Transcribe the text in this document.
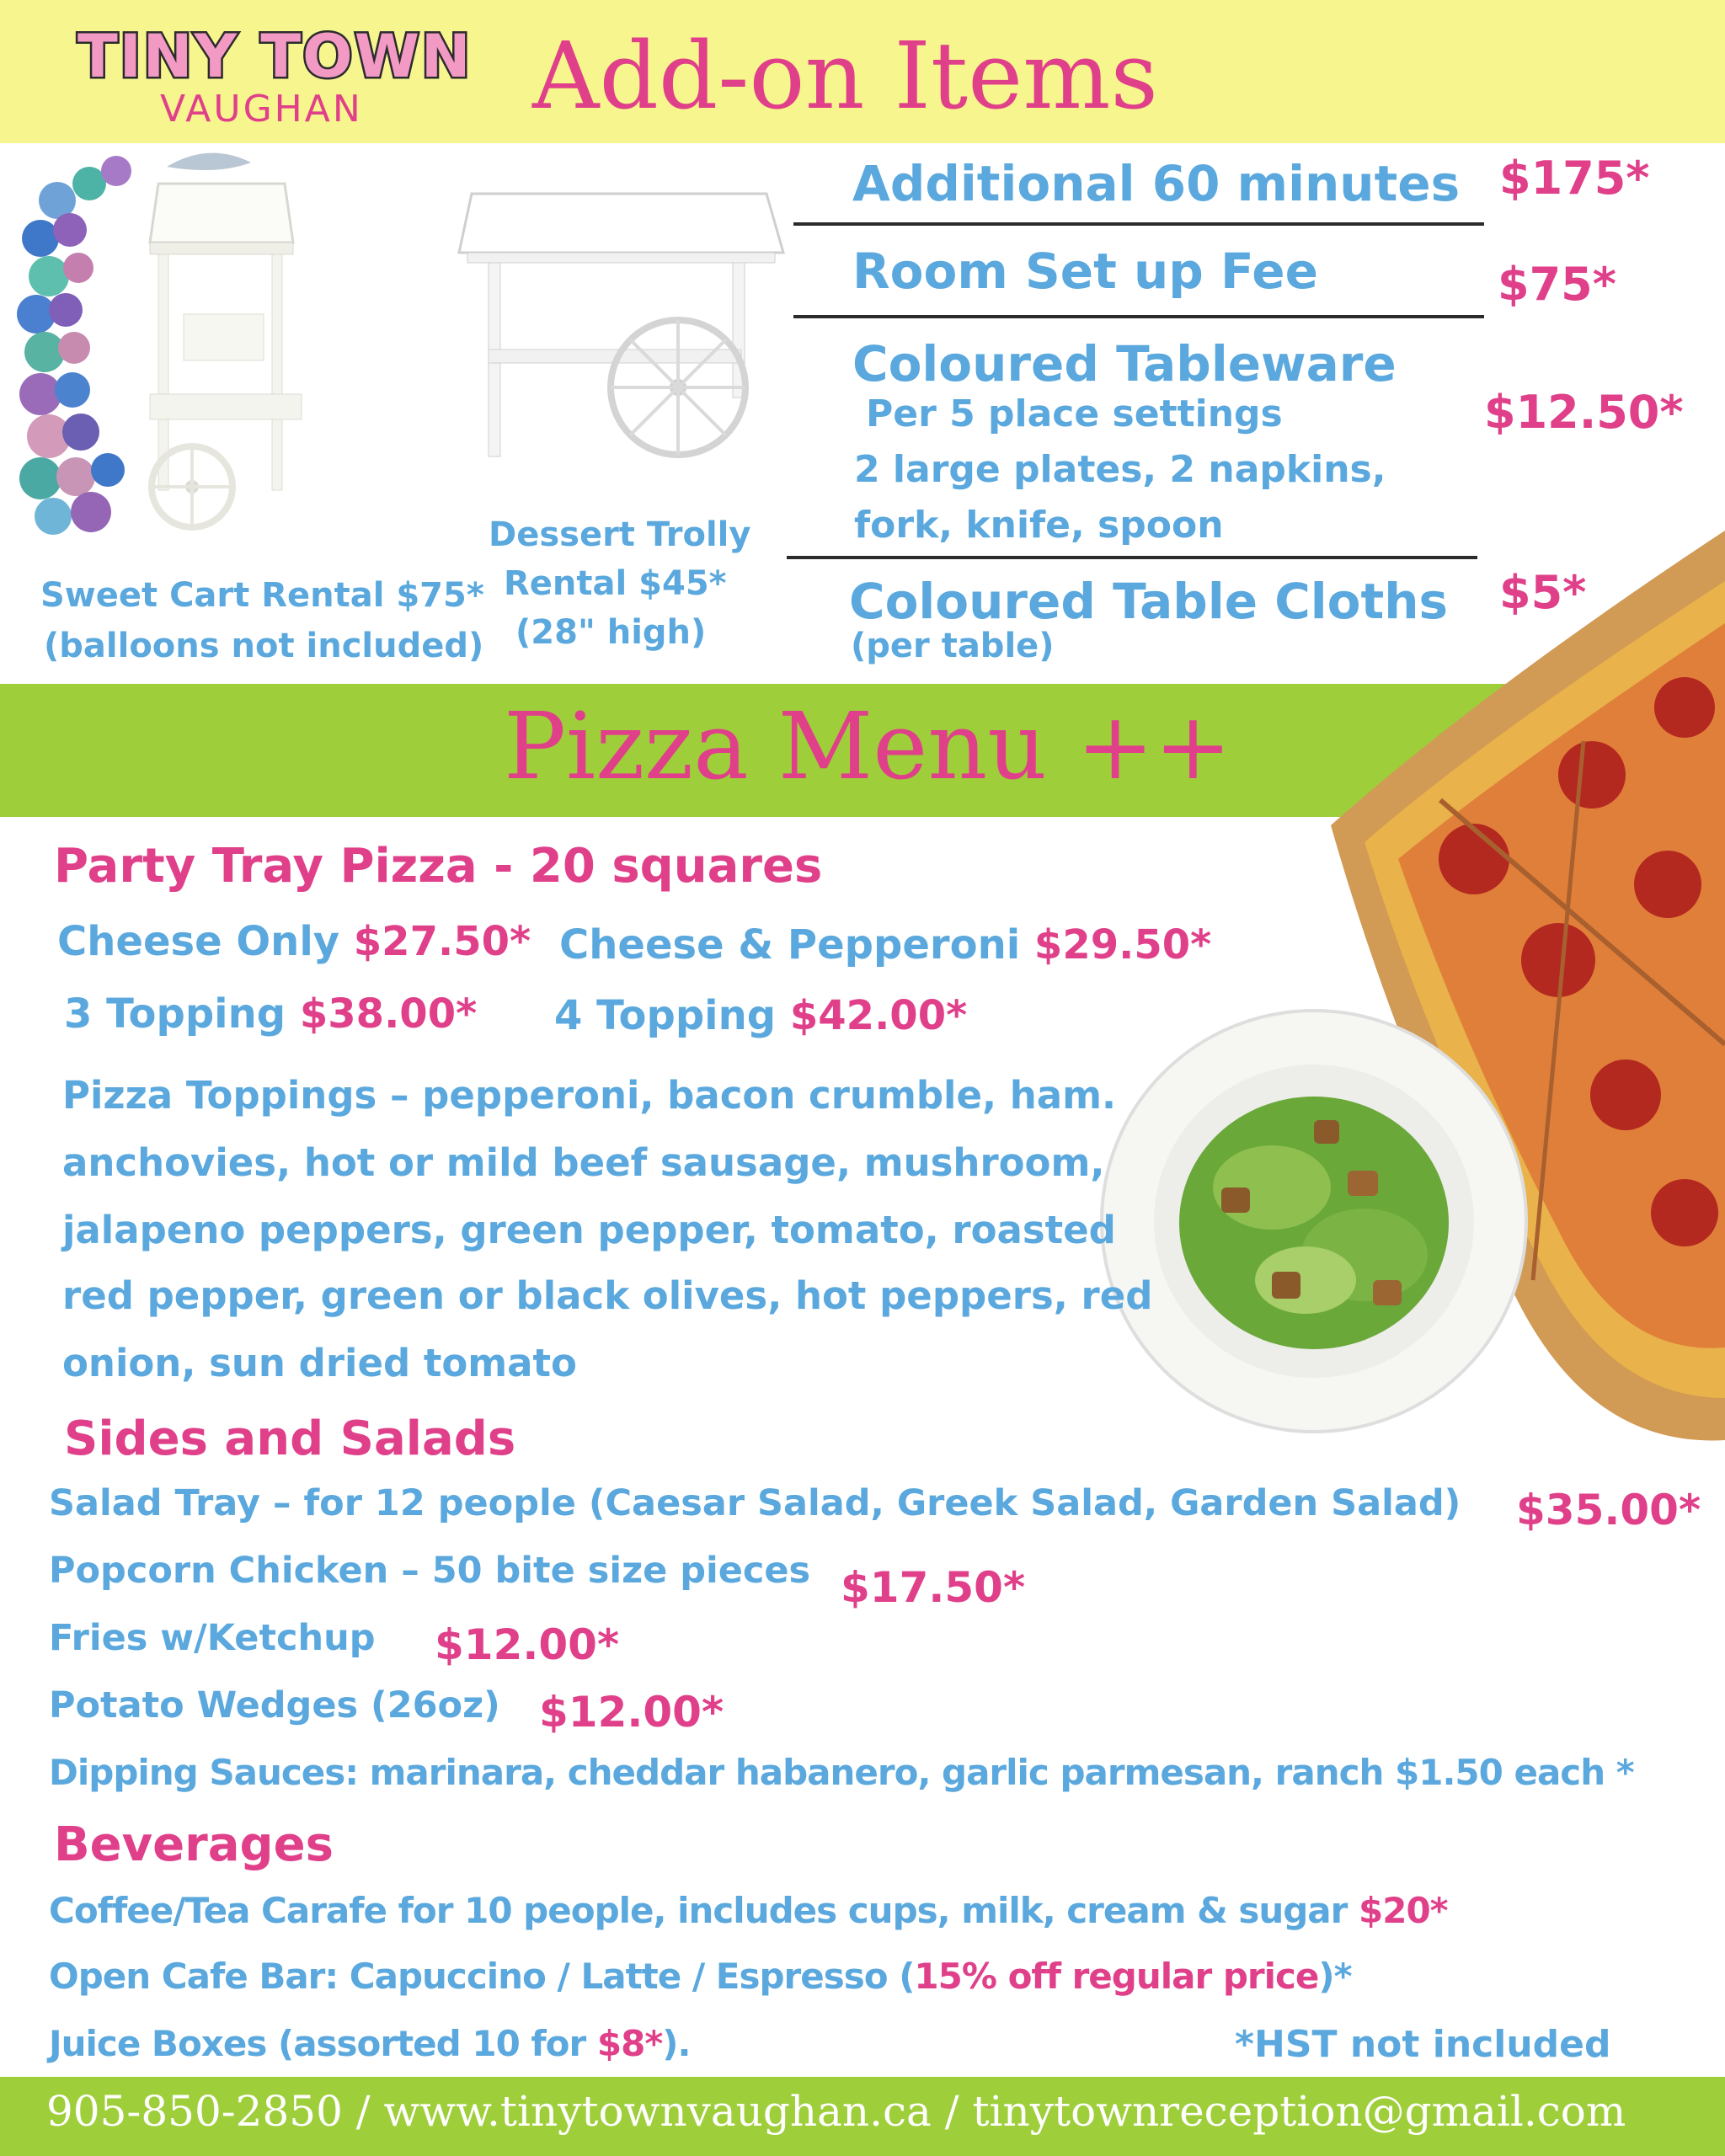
TINY TOWN
VAUGHAN Add-on Items
Sweet Cart Rental $75*
(balloons not included)
Dessert Trolly
Rental $45*
(28" high)
Additional 60 minutes $175*
Room Set up Fee	$75*
Coloured Tableware
Per 5 place settings
2 large plates, 2 napkins,
fork, knife, spoon
$12.50*
Coloured Table Cloths
(per table)
$5*
Pizza Menu ++
Party Tray Pizza - 20 squares
Cheese Only $27.50* Cheese & Pepperoni $29.50*
3 Topping $38.00* 4 Topping $42.00*
Pizza Toppings – pepperoni, bacon crumble, ham.
anchovies, hot or mild beef sausage, mushroom,
jalapeno peppers, green pepper, tomato, roasted
red pepper, green or black olives, hot peppers, red
onion, sun dried tomato
Sides and Salads
Salad Tray – for 12 people (Caesar Salad, Greek Salad, Garden Salad) $35.00*
Popcorn Chicken – 50 bite size pieces $17.50*
Fries w/Ketchup $12.00*
Potato Wedges (26oz) $12.00*
Dipping Sauces: marinara, cheddar habanero, garlic parmesan, ranch $1.50 each *
Beverages
Coffee/Tea Carafe for 10 people, includes cups, milk, cream & sugar $20*
Open Cafe Bar: Capuccino / Latte / Espresso (15% off regular price)*
Juice Boxes (assorted 10 for $8*).	*HST not included
905-850-2850 / www.tinytownvaughan.ca / tinytownreception@gmail.com
